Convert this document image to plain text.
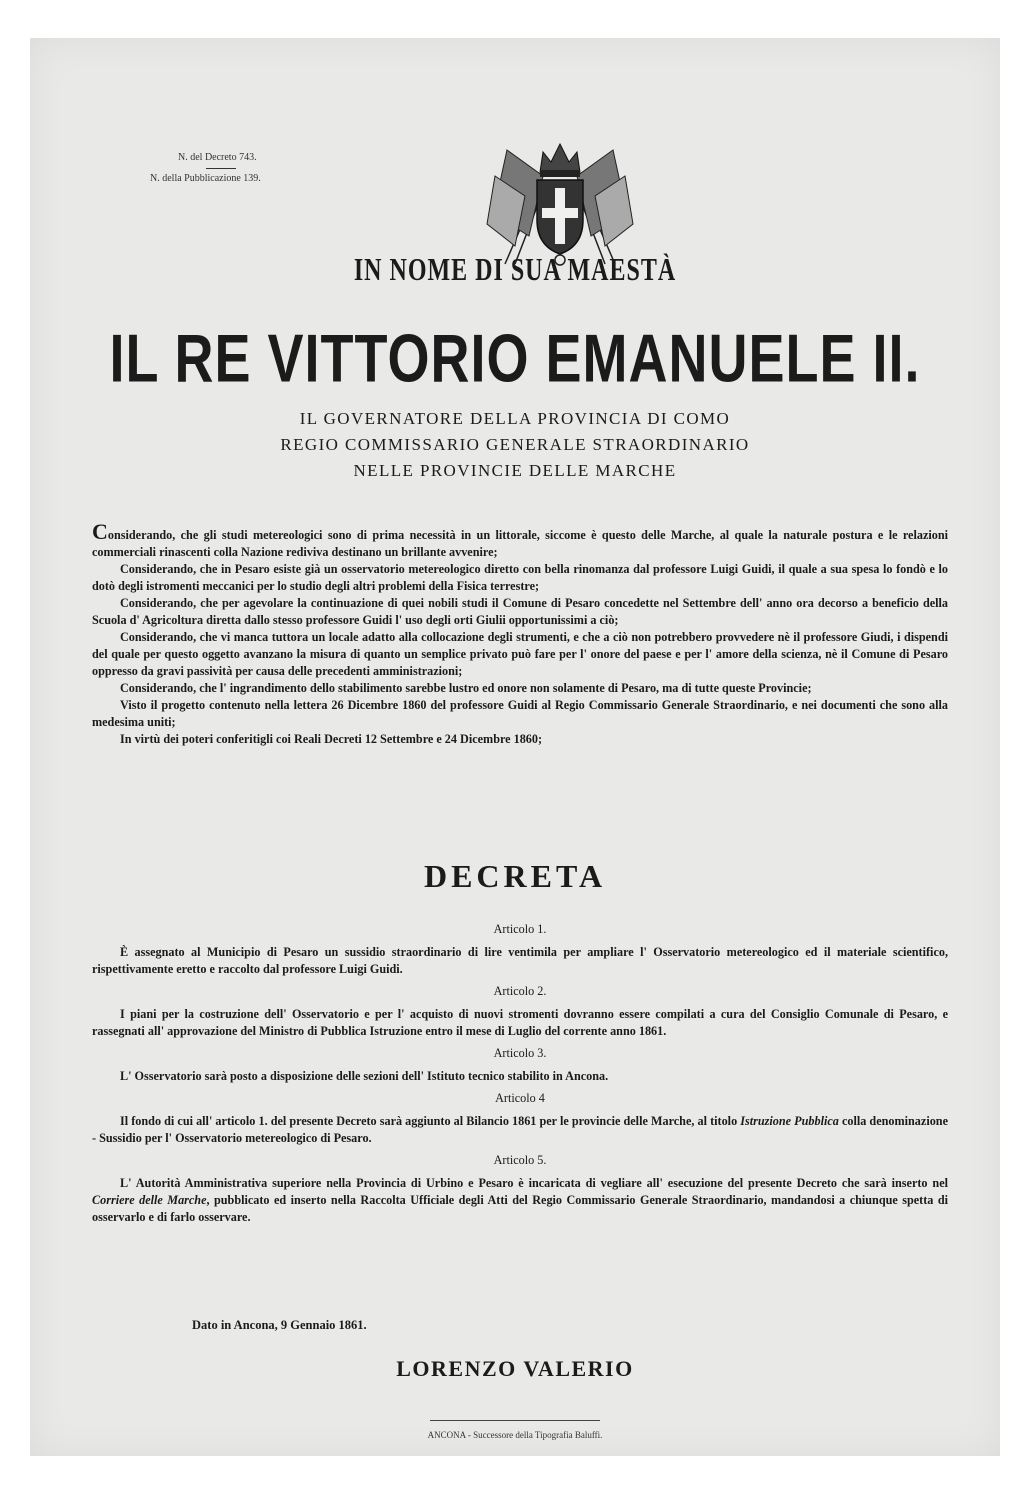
N. del Decreto 743.
N. della Pubblicazione 139.
IN NOME DI SUA MAESTÀ
IL RE VITTORIO EMANUELE II.
IL GOVERNATORE DELLA PROVINCIA DI COMO
REGIO COMMISSARIO GENERALE STRAORDINARIO
NELLE PROVINCIE DELLE MARCHE

Considerando, che gli studi metereologici sono di prima necessità in un littorale, siccome è questo delle Marche, al quale la naturale postura e le relazioni commerciali rinascenti colla Nazione rediviva destinano un brillante avvenire;

Considerando, che in Pesaro esiste già un osservatorio metereologico diretto con bella rinomanza dal professore Luigi Guidi, il quale a sua spesa lo fondò e lo dotò degli istromenti meccanici per lo studio degli altri problemi della Fisica terrestre;

Considerando, che per agevolare la continuazione di quei nobili studi il Comune di Pesaro concedette nel Settembre dell' anno ora decorso a beneficio della Scuola d' Agricoltura diretta dallo stesso professore Guidi l' uso degli orti Giulii opportunissimi a ciò;

Considerando, che vi manca tuttora un locale adatto alla collocazione degli strumenti, e che a ciò non potrebbero provvedere nè il professore Giudi, i dispendi del quale per questo oggetto avanzano la misura di quanto un semplice privato può fare per l' onore del paese e per l' amore della scienza, nè il Comune di Pesaro oppresso da gravi passività per causa delle precedenti amministrazioni;

Considerando, che l' ingrandimento dello stabilimento sarebbe lustro ed onore non solamente di Pesaro, ma di tutte queste Provincie;

Visto il progetto contenuto nella lettera 26 Dicembre 1860 del professore Guidi al Regio Commissario Generale Straordinario, e nei documenti che sono alla medesima uniti;

In virtù dei poteri conferitigli coi Reali Decreti 12 Settembre e 24 Dicembre 1860;

DECRETA
Articolo 1.

È assegnato al Municipio di Pesaro un sussidio straordinario di lire ventimila per ampliare l' Osservatorio metereologico ed il materiale scientifico, rispettivamente eretto e raccolto dal professore Luigi Guidi.

Articolo 2.

I piani per la costruzione dell' Osservatorio e per l' acquisto di nuovi stromenti dovranno essere compilati a cura del Consiglio Comunale di Pesaro, e rassegnati all' approvazione del Ministro di Pubblica Istruzione entro il mese di Luglio del corrente anno 1861.

Articolo 3.

L' Osservatorio sarà posto a disposizione delle sezioni dell' Istituto tecnico stabilito in Ancona.

Articolo 4

Il fondo di cui all' articolo 1. del presente Decreto sarà aggiunto al Bilancio 1861 per le provincie delle Marche, al titolo Istruzione Pubblica colla denominazione - Sussidio per l' Osservatorio metereologico di Pesaro.

Articolo 5.

L' Autorità Amministrativa superiore nella Provincia di Urbino e Pesaro è incaricata di vegliare all' esecuzione del presente Decreto che sarà inserto nel Corriere delle Marche, pubblicato ed inserto nella Raccolta Ufficiale degli Atti del Regio Commissario Generale Straordinario, mandandosi a chiunque spetta di osservarlo e di farlo osservare.

Dato in Ancona, 9 Gennaio 1861.
LORENZO VALERIO
ANCONA - Successore della Tipografia Baluffi.
